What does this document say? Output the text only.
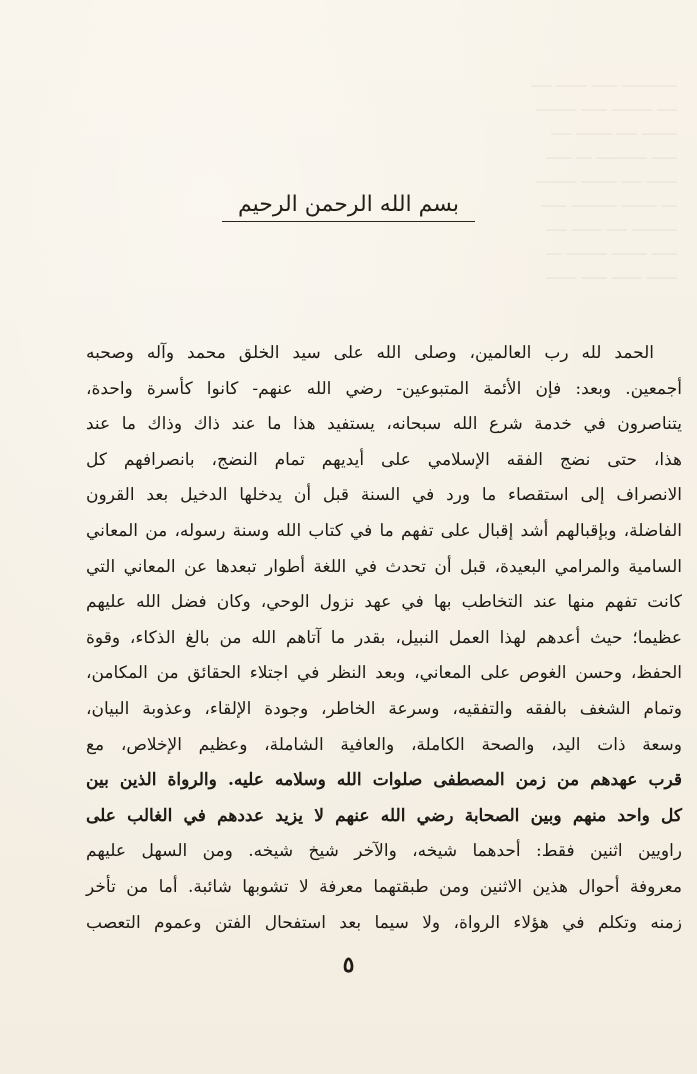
ـــــــــــ ـــــ ــــــ ــــ
ــــ ــــــــ ـــــ ــــــــ
ـــــــ ــــ ـــــــ ــــ
ـــــ ــــــــــ ـــ ـــــ
ــــــ ــــ ـــــــ ــــــــ
ـــ ـــــــ ـــــــــ ـــــ
ـــــــــ ــــ ــــــ ــــ
ـــــ ـــــــ ــــــــ ـــ
ــــــ ــــــ ـــــ ــــــ
بسم الله الرحمن الرحيم
الحمد لله رب العالمين، وصلى الله على سيد الخلق محمد وآله وصحبه
أجمعين. وبعد: فإن الأئمة المتبوعين- رضي الله عنهم- كانوا كأسرة واحدة،
يتناصرون في خدمة شرع الله سبحانه، يستفيد هذا ما عند ذاك وذاك ما عند
هذا، حتى نضج الفقه الإسلامي على أيديهم تمام النضج، بانصرافهم كل
الانصراف إلى استقصاء ما ورد في السنة قبل أن يدخلها الدخيل بعد القرون
الفاضلة، وبإقبالهم أشد إقبال على تفهم ما في كتاب الله وسنة رسوله، من المعاني
السامية والمرامي البعيدة، قبل أن تحدث في اللغة أطوار تبعدها عن المعاني التي
كانت تفهم منها عند التخاطب بها في عهد نزول الوحي، وكان فضل الله عليهم
عظيما؛ حيث أعدهم لهذا العمل النبيل، بقدر ما آتاهم الله من بالغ الذكاء، وقوة
الحفظ، وحسن الغوص على المعاني، وبعد النظر في اجتلاء الحقائق من المكامن،
وتمام الشغف بالفقه والتفقيه، وسرعة الخاطر، وجودة الإلقاء، وعذوبة البيان،
وسعة ذات اليد، والصحة الكاملة، والعافية الشاملة، وعظيم الإخلاص، مع
قرب عهدهم من زمن المصطفى صلوات الله وسلامه عليه. والرواة الذين بين
كل واحد منهم وبين الصحابة رضي الله عنهم لا يزيد عددهم في الغالب على
راويين اثنين فقط: أحدهما شيخه، والآخر شيخ شيخه. ومن السهل عليهم
معروفة أحوال هذين الاثنين ومن طبقتهما معرفة لا تشوبها شائبة. أما من تأخر
زمنه وتكلم في هؤلاء الرواة، ولا سيما بعد استفحال الفتن وعموم التعصب
٥
